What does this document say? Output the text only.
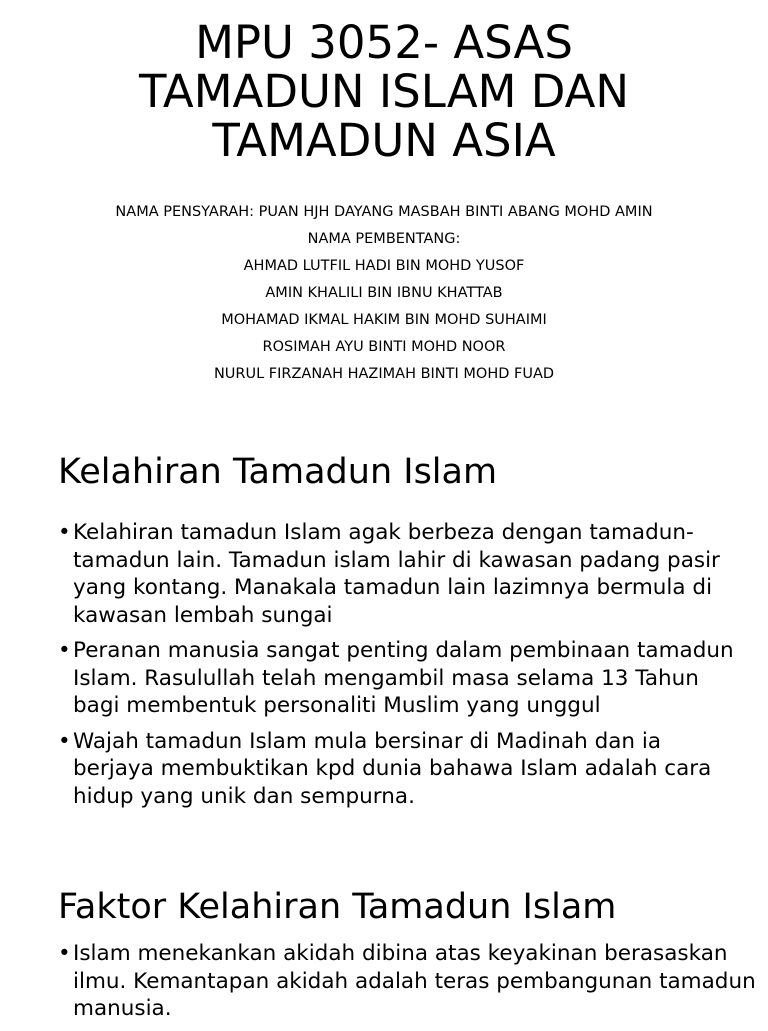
MPU 3052- ASAS
TAMADUN ISLAM DAN
TAMADUN ASIA
NAMA PENSYARAH: PUAN HJH DAYANG MASBAH BINTI ABANG MOHD AMIN
NAMA PEMBENTANG:
AHMAD LUTFIL HADI BIN MOHD YUSOF
AMIN KHALILI BIN IBNU KHATTAB
MOHAMAD IKMAL HAKIM BIN MOHD SUHAIMI
ROSIMAH AYU BINTI MOHD NOOR
NURUL FIRZANAH HAZIMAH BINTI MOHD FUAD
Kelahiran Tamadun Islam
• Kelahiran tamadun Islam agak berbeza dengan tamadun-
tamadun lain. Tamadun islam lahir di kawasan padang pasir
yang kontang. Manakala tamadun lain lazimnya bermula di
kawasan lembah sungai
• Peranan manusia sangat penting dalam pembinaan tamadun
Islam. Rasulullah telah mengambil masa selama 13 Tahun
bagi membentuk personaliti Muslim yang unggul
• Wajah tamadun Islam mula bersinar di Madinah dan ia
berjaya membuktikan kpd dunia bahawa Islam adalah cara
hidup yang unik dan sempurna.
Faktor Kelahiran Tamadun Islam
• Islam menekankan akidah dibina atas keyakinan berasaskan
ilmu. Kemantapan akidah adalah teras pembangunan tamadun
manusia.
